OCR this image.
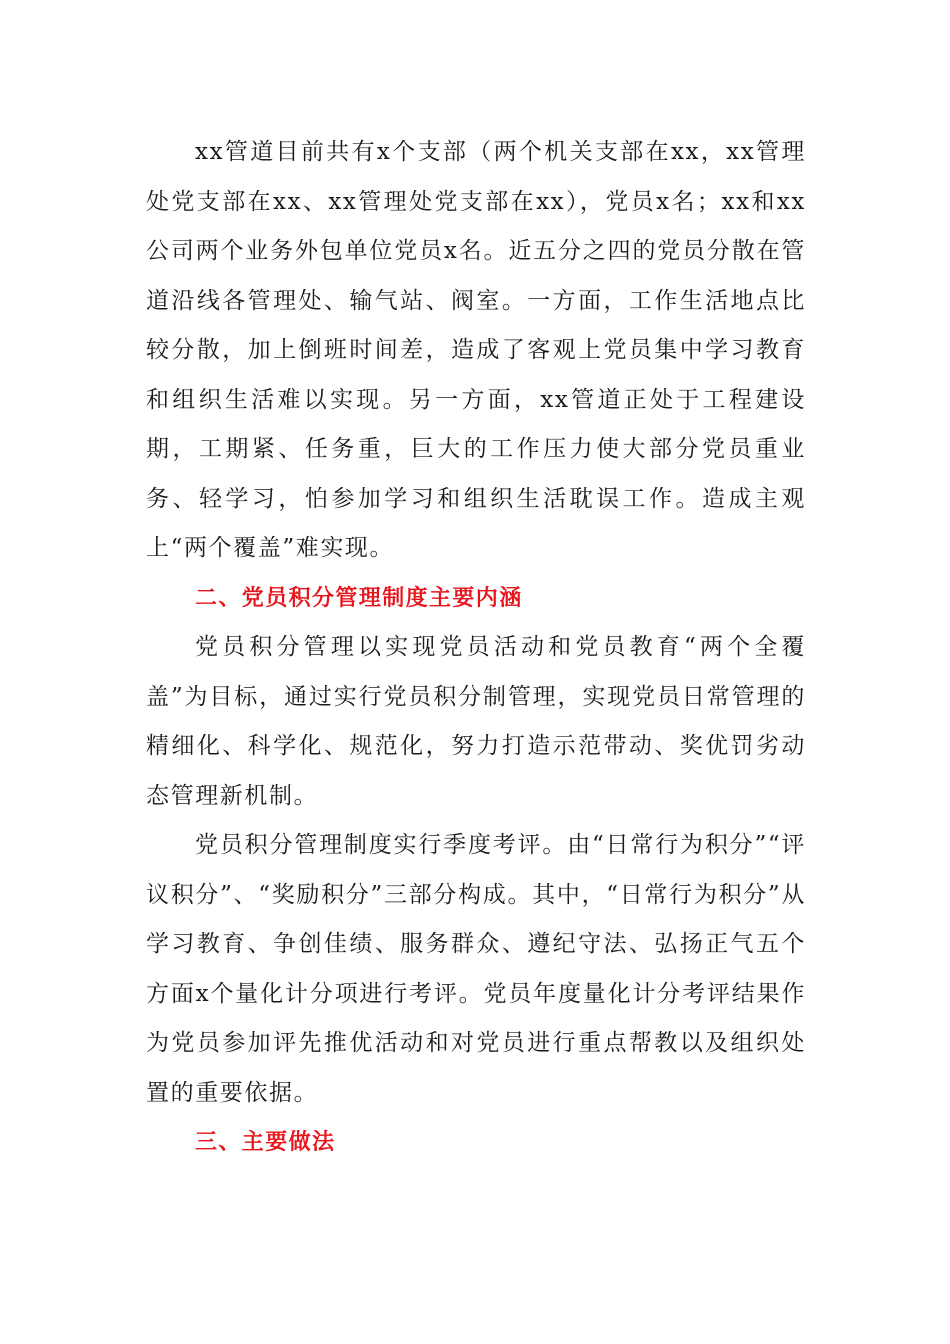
xx管道目前共有x个支部（两个机关支部在xx，xx管理处党支部在xx、xx管理处党支部在xx），党员x名；xx和xx公司两个业务外包单位党员x名。近五分之四的党员分散在管道沿线各管理处、输气站、阀室。一方面，工作生活地点比较分散，加上倒班时间差，造成了客观上党员集中学习教育和组织生活难以实现。另一方面，xx管道正处于工程建设期，工期紧、任务重，巨大的工作压力使大部分党员重业务、轻学习，怕参加学习和组织生活耽误工作。造成主观上“两个覆盖”难实现。

二、党员积分管理制度主要内涵

党员积分管理以实现党员活动和党员教育“两个全覆盖”为目标，通过实行党员积分制管理，实现党员日常管理的精细化、科学化、规范化，努力打造示范带动、奖优罚劣动态管理新机制。

党员积分管理制度实行季度考评。由“日常行为积分”“评议积分”、“奖励积分”三部分构成。其中，“日常行为积分”从学习教育、争创佳绩、服务群众、遵纪守法、弘扬正气五个方面x个量化计分项进行考评。党员年度量化计分考评结果作为党员参加评先推优活动和对党员进行重点帮教以及组织处置的重要依据。

三、主要做法
